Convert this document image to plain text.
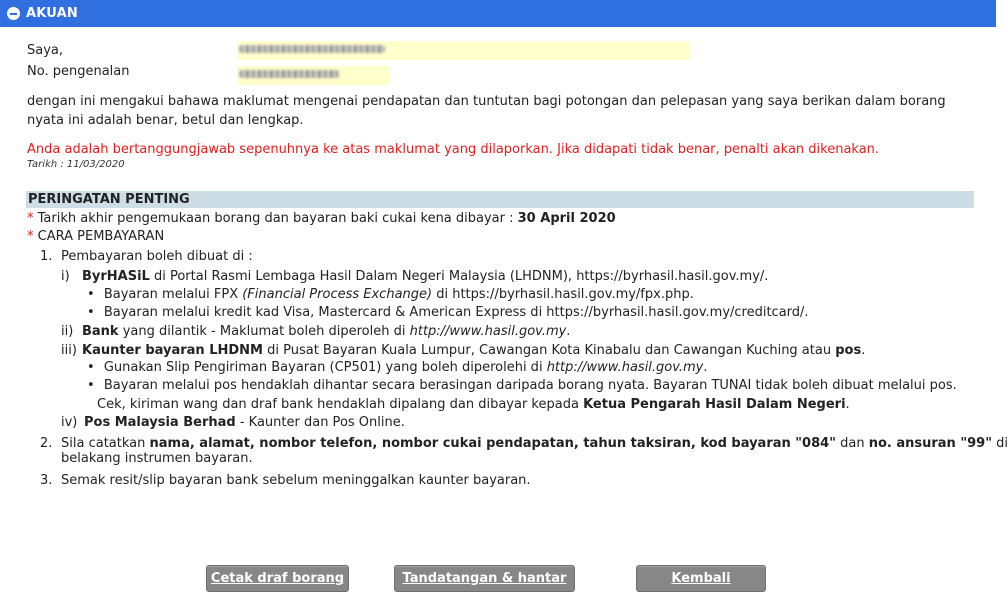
AKUAN
Saya,
No. pengenalan
dengan ini mengakui bahawa maklumat mengenai pendapatan dan tuntutan bagi potongan dan pelepasan yang saya berikan dalam borang nyata ini adalah benar, betul dan lengkap.
Anda adalah bertanggungjawab sepenuhnya ke atas maklumat yang dilaporkan. Jika didapati tidak benar, penalti akan dikenakan.
Tarikh : 11/03/2020
PERINGATAN PENTING
* Tarikh akhir pengemukaan borang dan bayaran baki cukai kena dibayar : 30 April 2020
* CARA PEMBAYARAN
1. Pembayaran boleh dibuat di :
i) ByrHASiL di Portal Rasmi Lembaga Hasil Dalam Negeri Malaysia (LHDNM), https://byrhasil.hasil.gov.my/.
• Bayaran melalui FPX (Financial Process Exchange) di https://byrhasil.hasil.gov.my/fpx.php.
• Bayaran melalui kredit kad Visa, Mastercard & American Express di https://byrhasil.hasil.gov.my/creditcard/.
ii) Bank yang dilantik - Maklumat boleh diperoleh di http://www.hasil.gov.my.
iii) Kaunter bayaran LHDNM di Pusat Bayaran Kuala Lumpur, Cawangan Kota Kinabalu dan Cawangan Kuching atau pos.
• Gunakan Slip Pengiriman Bayaran (CP501) yang boleh diperolehi di http://www.hasil.gov.my.
• Bayaran melalui pos hendaklah dihantar secara berasingan daripada borang nyata. Bayaran TUNAI tidak boleh dibuat melalui pos.
Cek, kiriman wang dan draf bank hendaklah dipalang dan dibayar kepada Ketua Pengarah Hasil Dalam Negeri.
iv) Pos Malaysia Berhad - Kaunter dan Pos Online.
2. Sila catatkan nama, alamat, nombor telefon, nombor cukai pendapatan, tahun taksiran, kod bayaran "084" dan no. ansuran "99" di
belakang instrumen bayaran.
3. Semak resit/slip bayaran bank sebelum meninggalkan kaunter bayaran.
Cetak draf borang	Tandatangan & hantar	Kembali
